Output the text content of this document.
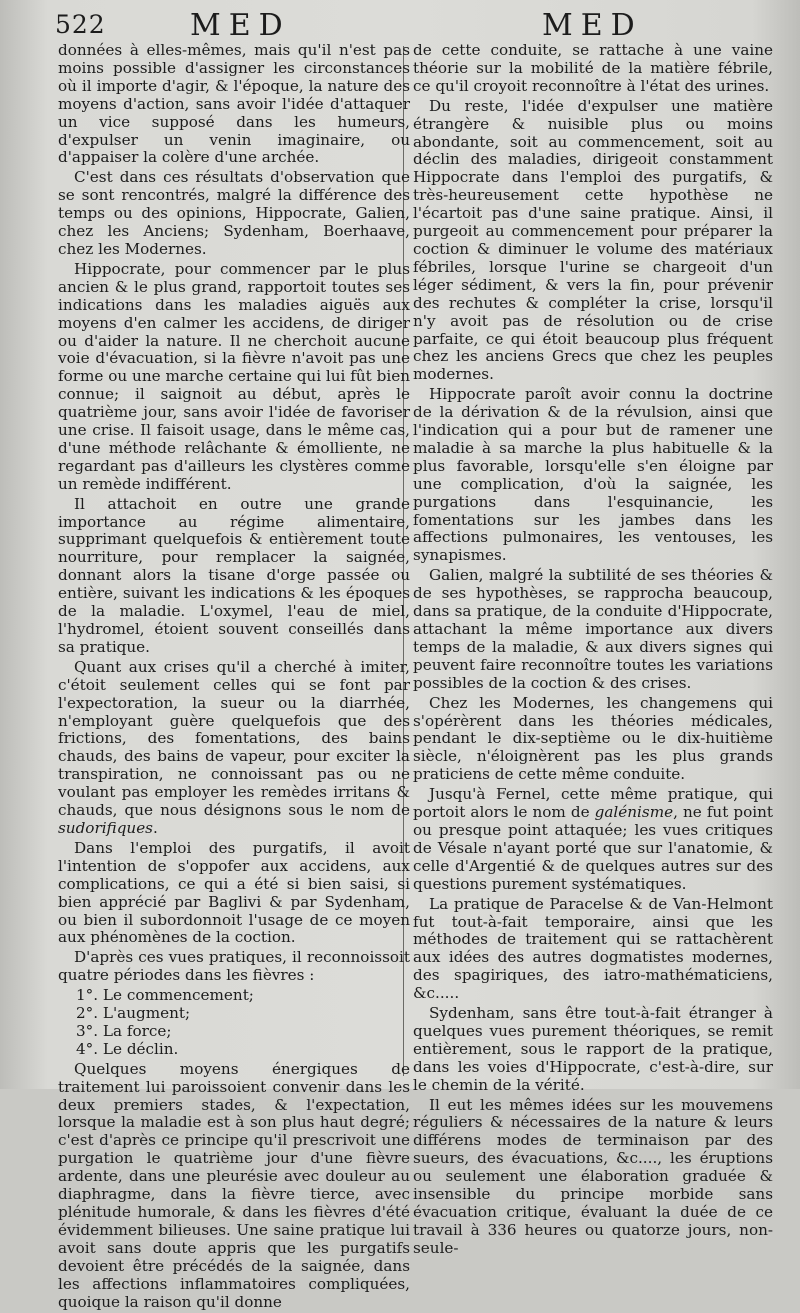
522	MED	MED

données à elles-mêmes, mais qu'il n'est pas moins possible d'assigner les circonstances où il importe d'agir, & l'époque, la nature des moyens d'action, sans avoir l'idée d'attaquer un vice supposé dans les humeurs, d'expulser un venin imaginaire, ou d'appaiser la colère d'une archée.

C'est dans ces résultats d'observation que se sont rencontrés, malgré la différence des temps ou des opinions, Hippocrate, Galien, chez les Anciens; Sydenham, Boerhaave, chez les Modernes.

Hippocrate, pour commencer par le plus ancien & le plus grand, rapportoit toutes ses indications dans les maladies aiguës aux moyens d'en calmer les accidens, de diriger ou d'aider la nature. Il ne cherchoit aucune voie d'évacuation, si la fièvre n'avoit pas une forme ou une marche certaine qui lui fût bien connue; il saignoit au début, après le quatrième jour, sans avoir l'idée de favoriser une crise. Il faisoit usage, dans le même cas, d'une méthode relâchante & émolliente, ne regardant pas d'ailleurs les clystères comme un remède indifférent.

Il attachoit en outre une grande importance au régime alimentaire, supprimant quelquefois & entièrement toute nourriture, pour remplacer la saignée, donnant alors la tisane d'orge passée ou entière, suivant les indications & les époques de la maladie. L'oxymel, l'eau de miel, l'hydromel, étoient souvent conseillés dans sa pratique.

Quant aux crises qu'il a cherché à imiter, c'étoit seulement celles qui se font par l'expectoration, la sueur ou la diarrhée, n'employant guère quelquefois que des frictions, des fomentations, des bains chauds, des bains de vapeur, pour exciter la transpiration, ne connoissant pas ou ne voulant pas employer les remèdes irritans & chauds, que nous désignons sous le nom de sudorifiques.

Dans l'emploi des purgatifs, il avoit l'intention de s'oppofer aux accidens, aux complications, ce qui a été si bien saisi, si bien apprécié par Baglivi & par Sydenham, ou bien il subordonnoit l'usage de ce moyen aux phénomènes de la coction.

D'après ces vues pratiques, il reconnoissoit quatre périodes dans les fièvres :

1°. Le commencement;
2°. L'augment;
3°. La force;
4°. Le déclin.

Quelques moyens énergiques de traitement lui paroissoient convenir dans les deux premiers stades, & l'expectation, lorsque la maladie est à son plus haut degré; c'est d'après ce principe qu'il prescrivoit une purgation le quatrième jour d'une fièvre ardente, dans une pleurésie avec douleur au diaphragme, dans la fièvre tierce, avec plénitude humorale, & dans les fièvres d'été évidemment bilieuses. Une saine pratique lui avoit sans doute appris que les purgatifs devoient être précédés de la saignée, dans les affections inflammatoires compliquées, quoique la raison qu'il donne

de cette conduite, se rattache à une vaine théorie sur la mobilité de la matière fébrile, ce qu'il croyoit reconnoître à l'état des urines.

Du reste, l'idée d'expulser une matière étrangère & nuisible plus ou moins abondante, soit au commencement, soit au déclin des maladies, dirigeoit constamment Hippocrate dans l'emploi des purgatifs, & très-heureusement cette hypothèse ne l'écartoit pas d'une saine pratique. Ainsi, il purgeoit au commencement pour préparer la coction & diminuer le volume des matériaux fébriles, lorsque l'urine se chargeoit d'un léger sédiment, & vers la fin, pour prévenir des rechutes & compléter la crise, lorsqu'il n'y avoit pas de résolution ou de crise parfaite, ce qui étoit beaucoup plus fréquent chez les anciens Grecs que chez les peuples modernes.

Hippocrate paroît avoir connu la doctrine de la dérivation & de la révulsion, ainsi que l'indication qui a pour but de ramener une maladie à sa marche la plus habituelle & la plus favorable, lorsqu'elle s'en éloigne par une complication, d'où la saignée, les purgations dans l'esquinancie, les fomentations sur les jambes dans les affections pulmonaires, les ventouses, les synapismes.

Galien, malgré la subtilité de ses théories & de ses hypothèses, se rapprocha beaucoup, dans sa pratique, de la conduite d'Hippocrate, attachant la même importance aux divers temps de la maladie, & aux divers signes qui peuvent faire reconnoître toutes les variations possibles de la coction & des crises.

Chez les Modernes, les changemens qui s'opérèrent dans les théories médicales, pendant le dix-septième ou le dix-huitième siècle, n'éloignèrent pas les plus grands praticiens de cette même conduite.

Jusqu'à Fernel, cette même pratique, qui portoit alors le nom de galénisme, ne fut point ou presque point attaquée; les vues critiques de Vésale n'ayant porté que sur l'anatomie, & celle d'Argentié & de quelques autres sur des questions purement systématiques.

La pratique de Paracelse & de Van-Helmont fut tout-à-fait temporaire, ainsi que les méthodes de traitement qui se rattachèrent aux idées des autres dogmatistes modernes, des spagiriques, des iatro-mathématiciens, &c.....

Sydenham, sans être tout-à-fait étranger à quelques vues purement théoriques, se remit entièrement, sous le rapport de la pratique, dans les voies d'Hippocrate, c'est-à-dire, sur le chemin de la vérité.

Il eut les mêmes idées sur les mouvemens réguliers & nécessaires de la nature & leurs différens modes de terminaison par des sueurs, des évacuations, &c...., les éruptions ou seulement une élaboration graduée & insensible du principe morbide sans évacuation critique, évaluant la duée de ce travail à 336 heures ou quatorze jours, non-seule-
